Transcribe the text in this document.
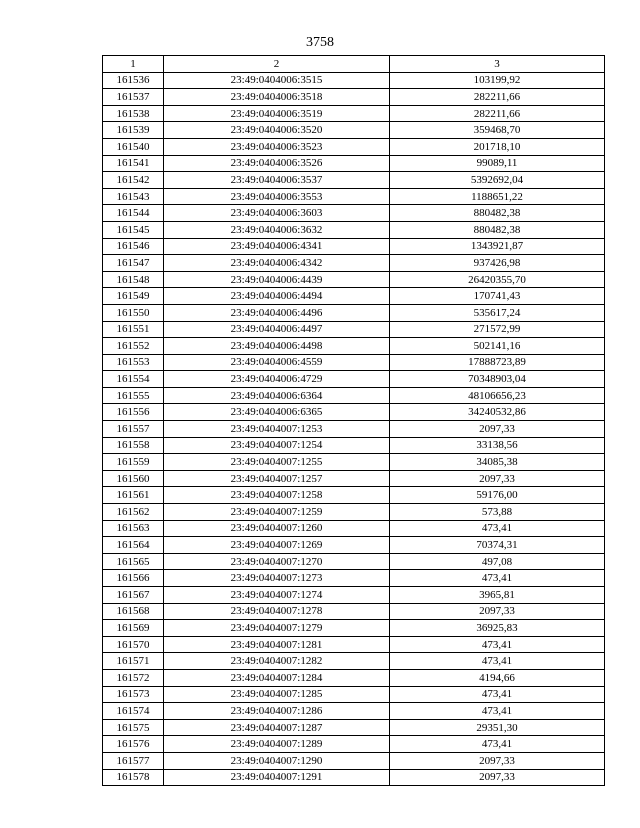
3758
1	2	3
161536	23:49:0404006:3515	103199,92
161537	23:49:0404006:3518	282211,66
161538	23:49:0404006:3519	282211,66
161539	23:49:0404006:3520	359468,70
161540	23:49:0404006:3523	201718,10
161541	23:49:0404006:3526	99089,11
161542	23:49:0404006:3537	5392692,04
161543	23:49:0404006:3553	1188651,22
161544	23:49:0404006:3603	880482,38
161545	23:49:0404006:3632	880482,38
161546	23:49:0404006:4341	1343921,87
161547	23:49:0404006:4342	937426,98
161548	23:49:0404006:4439	26420355,70
161549	23:49:0404006:4494	170741,43
161550	23:49:0404006:4496	535617,24
161551	23:49:0404006:4497	271572,99
161552	23:49:0404006:4498	502141,16
161553	23:49:0404006:4559	17888723,89
161554	23:49:0404006:4729	70348903,04
161555	23:49:0404006:6364	48106656,23
161556	23:49:0404006:6365	34240532,86
161557	23:49:0404007:1253	2097,33
161558	23:49:0404007:1254	33138,56
161559	23:49:0404007:1255	34085,38
161560	23:49:0404007:1257	2097,33
161561	23:49:0404007:1258	59176,00
161562	23:49:0404007:1259	573,88
161563	23:49:0404007:1260	473,41
161564	23:49:0404007:1269	70374,31
161565	23:49:0404007:1270	497,08
161566	23:49:0404007:1273	473,41
161567	23:49:0404007:1274	3965,81
161568	23:49:0404007:1278	2097,33
161569	23:49:0404007:1279	36925,83
161570	23:49:0404007:1281	473,41
161571	23:49:0404007:1282	473,41
161572	23:49:0404007:1284	4194,66
161573	23:49:0404007:1285	473,41
161574	23:49:0404007:1286	473,41
161575	23:49:0404007:1287	29351,30
161576	23:49:0404007:1289	473,41
161577	23:49:0404007:1290	2097,33
161578	23:49:0404007:1291	2097,33
